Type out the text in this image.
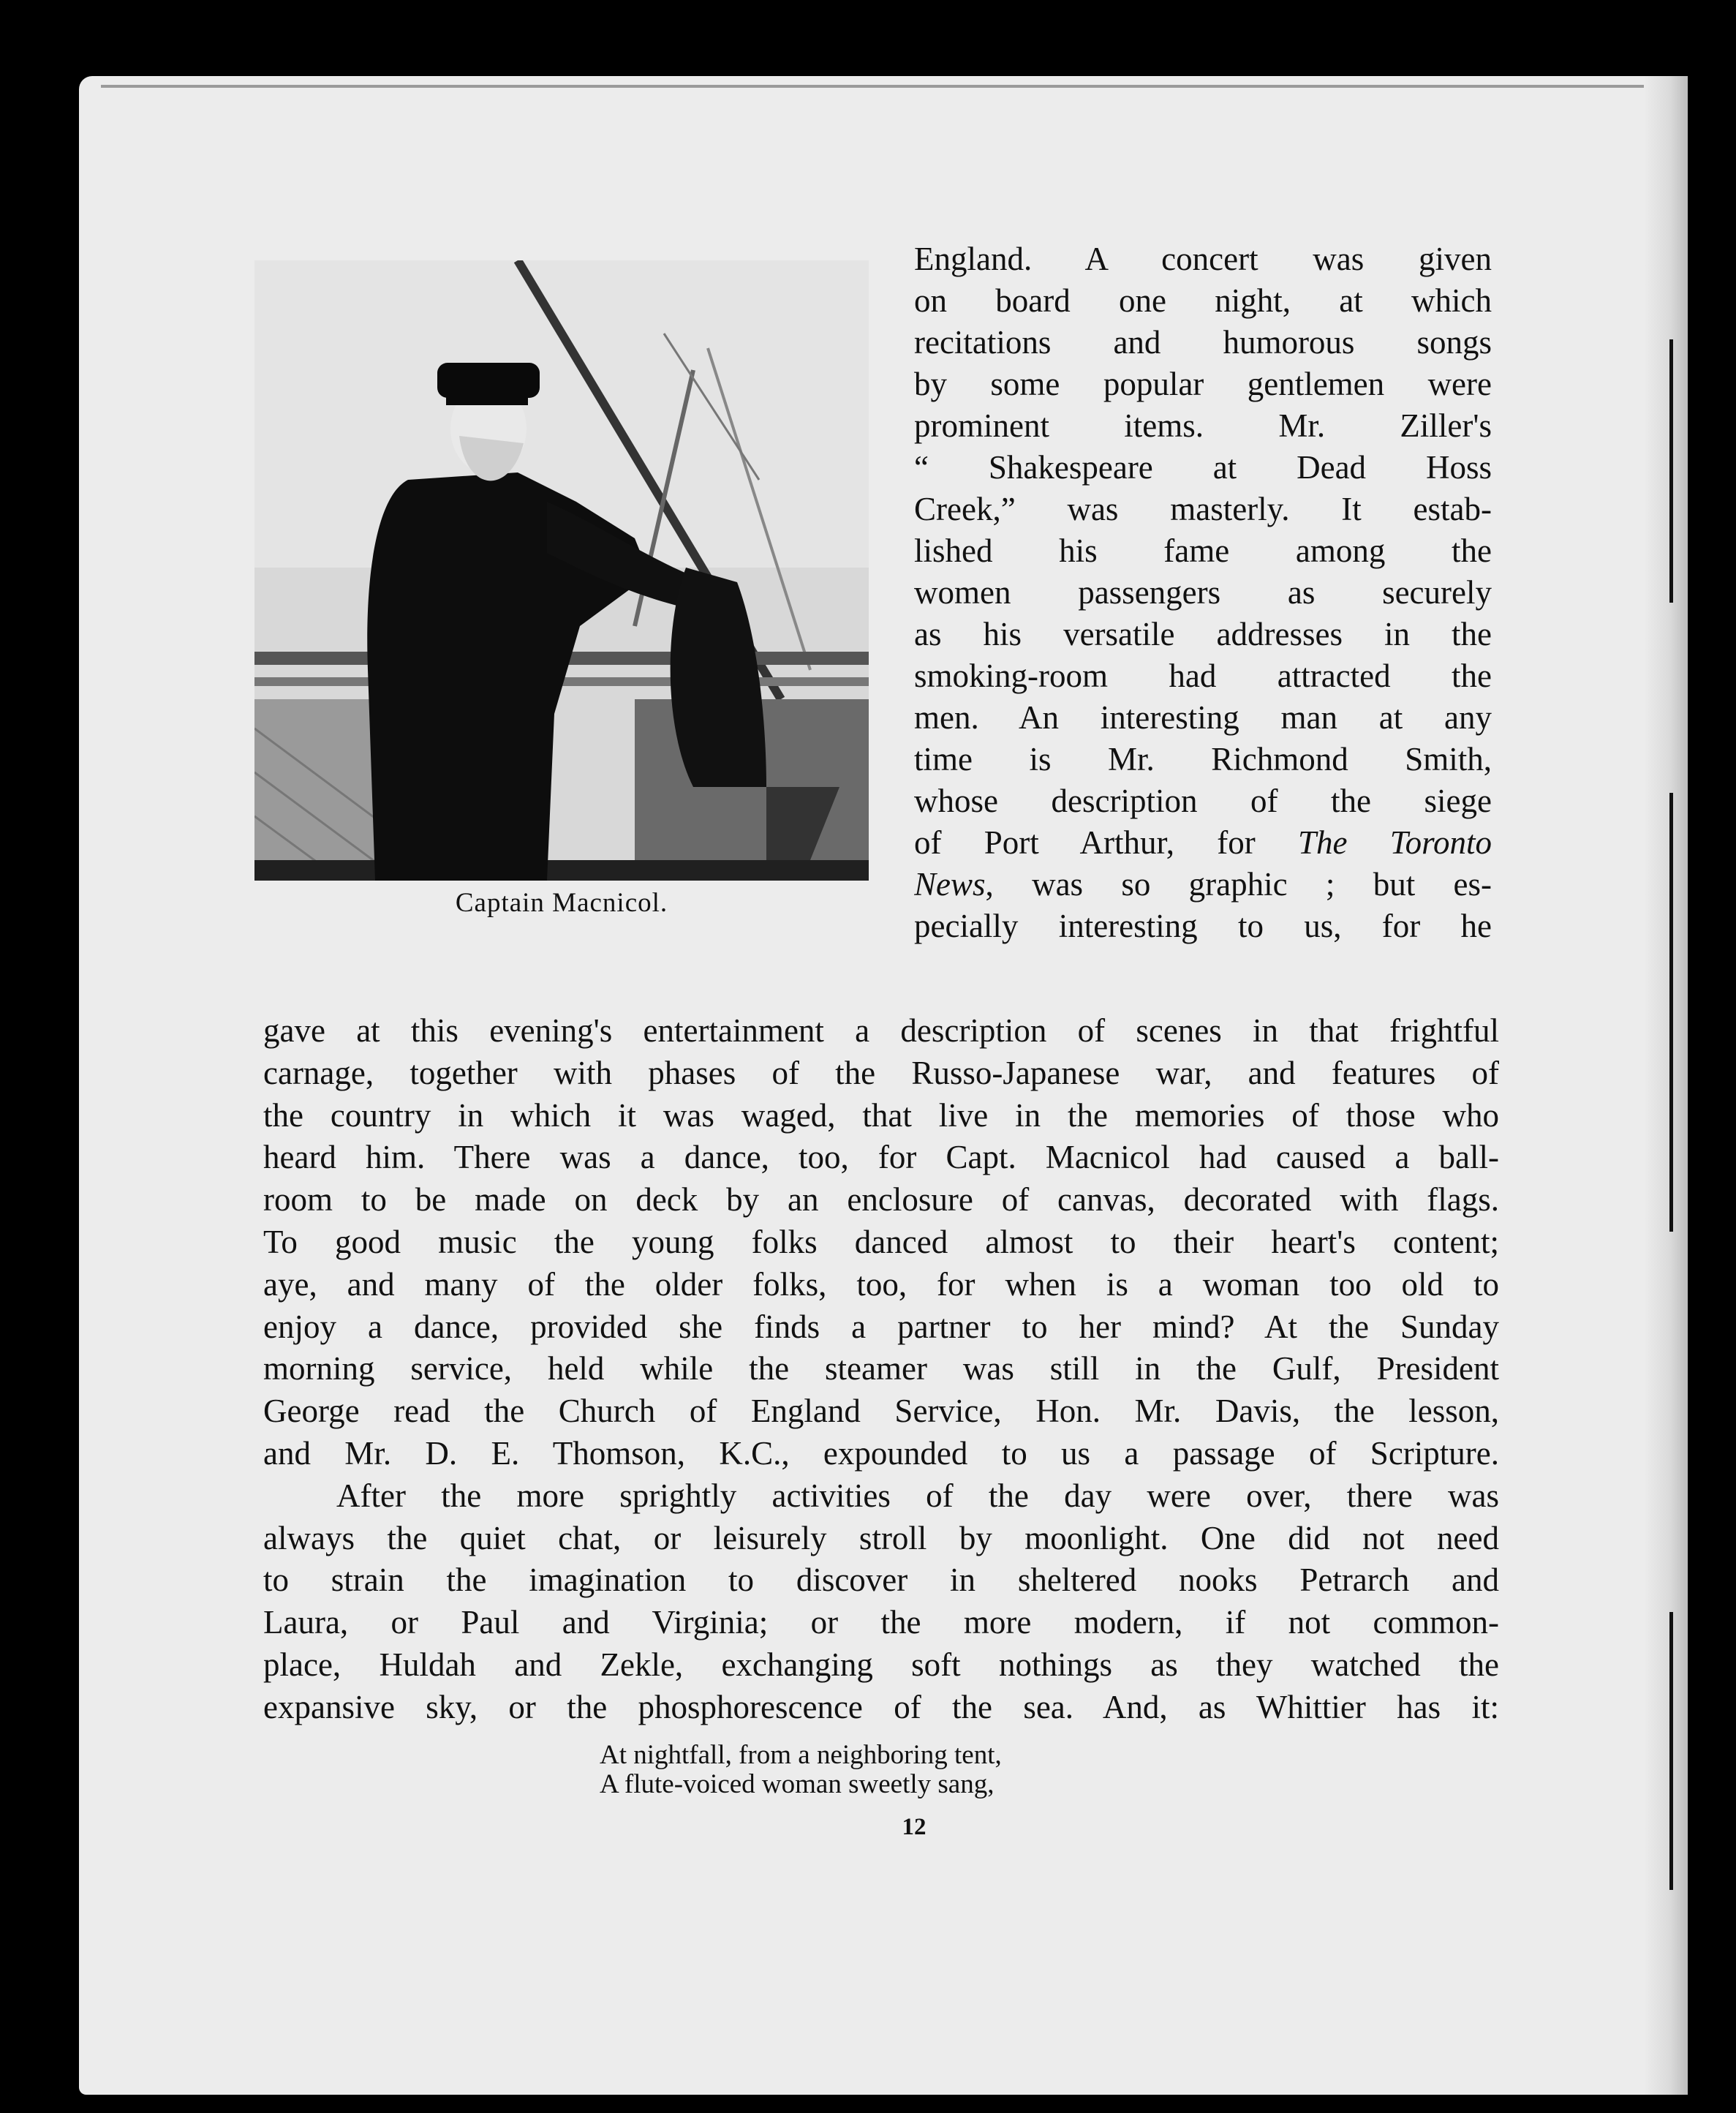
Captain Macnicol.
England. A concert was given
on board one night, at which
recitations and humorous songs
by some popular gentlemen were
prominent items. Mr. Ziller's
“ Shakespeare at Dead Hoss
Creek,” was masterly. It estab-
lished his fame among the
women passengers as securely
as his versatile addresses in the
smoking-room had attracted the
men. An interesting man at any
time is Mr. Richmond Smith,
whose description of the siege
of Port Arthur, for The Toronto
News, was so graphic ; but es-
pecially interesting to us, for he
gave at this evening's entertainment a description of scenes in that frightful
carnage, together with phases of the Russo-Japanese war, and features of
the country in which it was waged, that live in the memories of those who
heard him. There was a dance, too, for Capt. Macnicol had caused a ball-
room to be made on deck by an enclosure of canvas, decorated with flags.
To good music the young folks danced almost to their heart's content;
aye, and many of the older folks, too, for when is a woman too old to
enjoy a dance, provided she finds a partner to her mind? At the Sunday
morning service, held while the steamer was still in the Gulf, President
George read the Church of England Service, Hon. Mr. Davis, the lesson,
and Mr. D. E. Thomson, K.C., expounded to us a passage of Scripture.
After the more sprightly activities of the day were over, there was
always the quiet chat, or leisurely stroll by moonlight. One did not need
to strain the imagination to discover in sheltered nooks Petrarch and
Laura, or Paul and Virginia; or the more modern, if not common-
place, Huldah and Zekle, exchanging soft nothings as they watched the
expansive sky, or the phosphorescence of the sea. And, as Whittier has it:
At nightfall, from a neighboring tent,
A flute-voiced woman sweetly sang,
12
